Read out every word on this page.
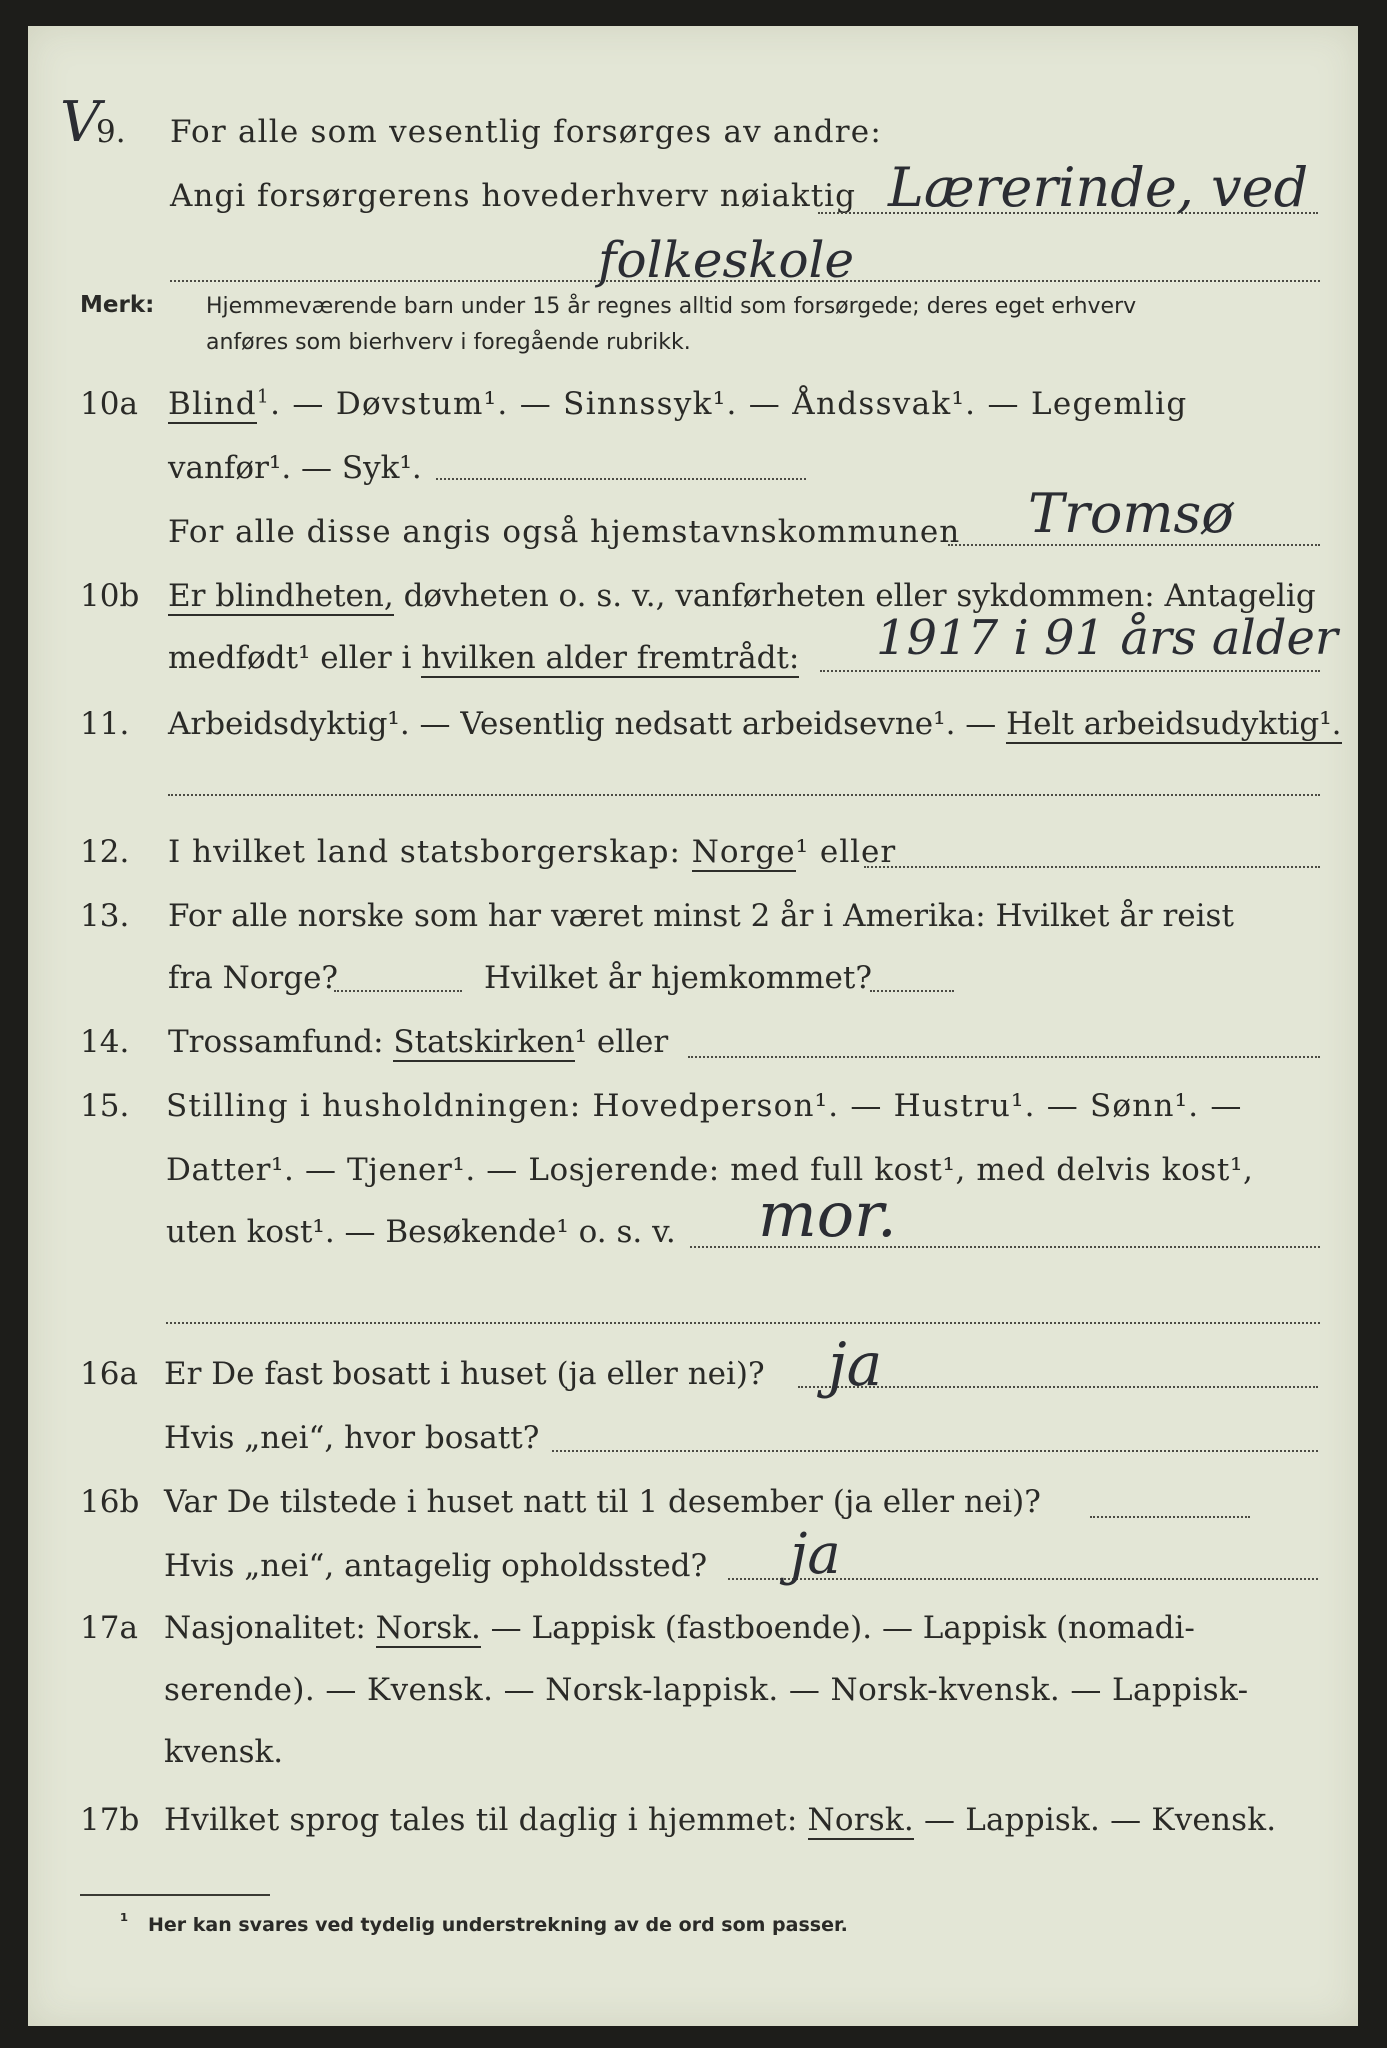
V
9. For alle som vesentlig forsørges av andre:
Angi forsørgerens hovederhverv nøiaktig Lærerinde, ved
folkeskole
Merk: Hjemmeværende barn under 15 år regnes alltid som forsørgede; deres eget erhverv
anføres som bierhverv i foregående rubrikk.
10a Blind$^1$. — Døvstum¹. — Sinnssyk¹. — Åndssvak¹. — Legemlig
vanfør¹. — Syk¹.
For alle disse angis også hjemstavnskommunen Tromsø
10b Er blindheten, døvheten o. s. v., vanførheten eller sykdommen: Antagelig
medfødt¹ eller i hvilken alder fremtrådt: 1917 i 91 års alder
11. Arbeidsdyktig¹. — Vesentlig nedsatt arbeidsevne¹. — Helt arbeidsudyktig¹.
12. I hvilket land statsborgerskap: Norge¹ eller
13. For alle norske som har været minst 2 år i Amerika: Hvilket år reist
fra Norge?	Hvilket år hjemkommet?
14. Trossamfund: Statskirken¹ eller
15. Stilling i husholdningen: Hovedperson¹. — Hustru¹. — Sønn¹. —
Datter¹. — Tjener¹. — Losjerende: med full kost¹, med delvis kost¹,
uten kost¹. — Besøkende¹ o. s. v. mor.
16a Er De fast bosatt i huset (ja eller nei)? ja
Hvis „nei“, hvor bosatt?
16b Var De tilstede i huset natt til 1 desember (ja eller nei)?
Hvis „nei“, antagelig opholdssted? ja
17a Nasjonalitet: Norsk. — Lappisk (fastboende). — Lappisk (nomadi-
serende). — Kvensk. — Norsk-lappisk. — Norsk-kvensk. — Lappisk-
kvensk.
17b Hvilket sprog tales til daglig i hjemmet: Norsk. — Lappisk. — Kvensk.
¹ Her kan svares ved tydelig understrekning av de ord som passer.
